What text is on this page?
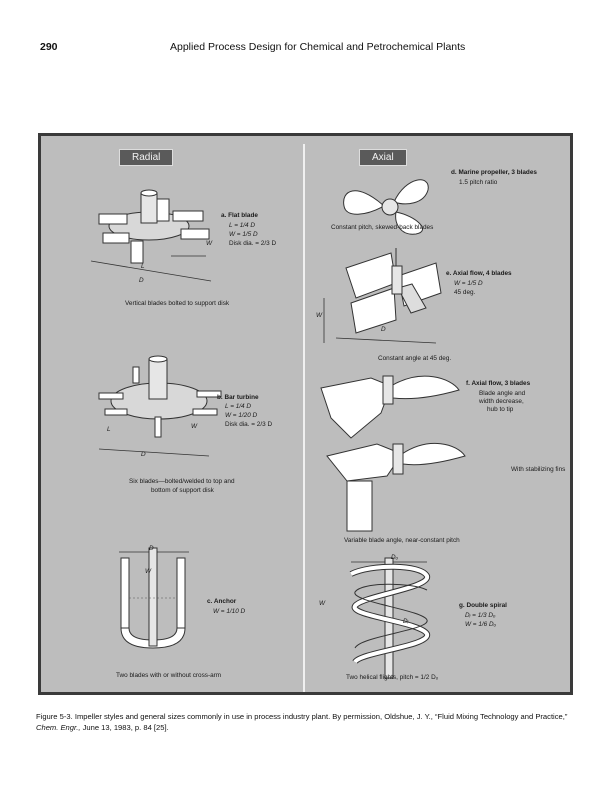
290	Applied Process Design for Chemical and Petrochemical Plants
Radial	Axial
L
W
D
a. Flat blade
L = 1/4 D
W = 1/5 D
Disk dia. = 2/3 D
Vertical blades bolted to support disk
L	W
D
b. Bar turbine
L = 1/4 D
W = 1/20 D
Disk dia. = 2/3 D
Six blades—bolted/welded to top and
bottom of support disk
D
W
c. Anchor
W = 1/10 D
Two blades with or without cross-arm
d. Marine propeller, 3 blades
1.5 pitch ratio
Constant pitch, skewed-back blades
W
D
e. Axial flow, 4 blades
W = 1/5 D
45 deg.
Constant angle at 45 deg.
f. Axial flow, 3 blades
Blade angle and
width decrease,
hub to tip
With stabilizing fins
Variable blade angle, near-constant pitch
Dₒ
W
Dᵢ
g. Double spiral
Dᵢ = 1/3 Dₒ
W = 1/6 Dₒ
Two helical flights, pitch = 1/2 Dₒ
Figure 5-3. Impeller styles and general sizes commonly in use in process industry plant. By permission, Oldshue, J. Y., “Fluid Mixing Technology and Practice,” Chem. Engr., June 13, 1983, p. 84 [25].
